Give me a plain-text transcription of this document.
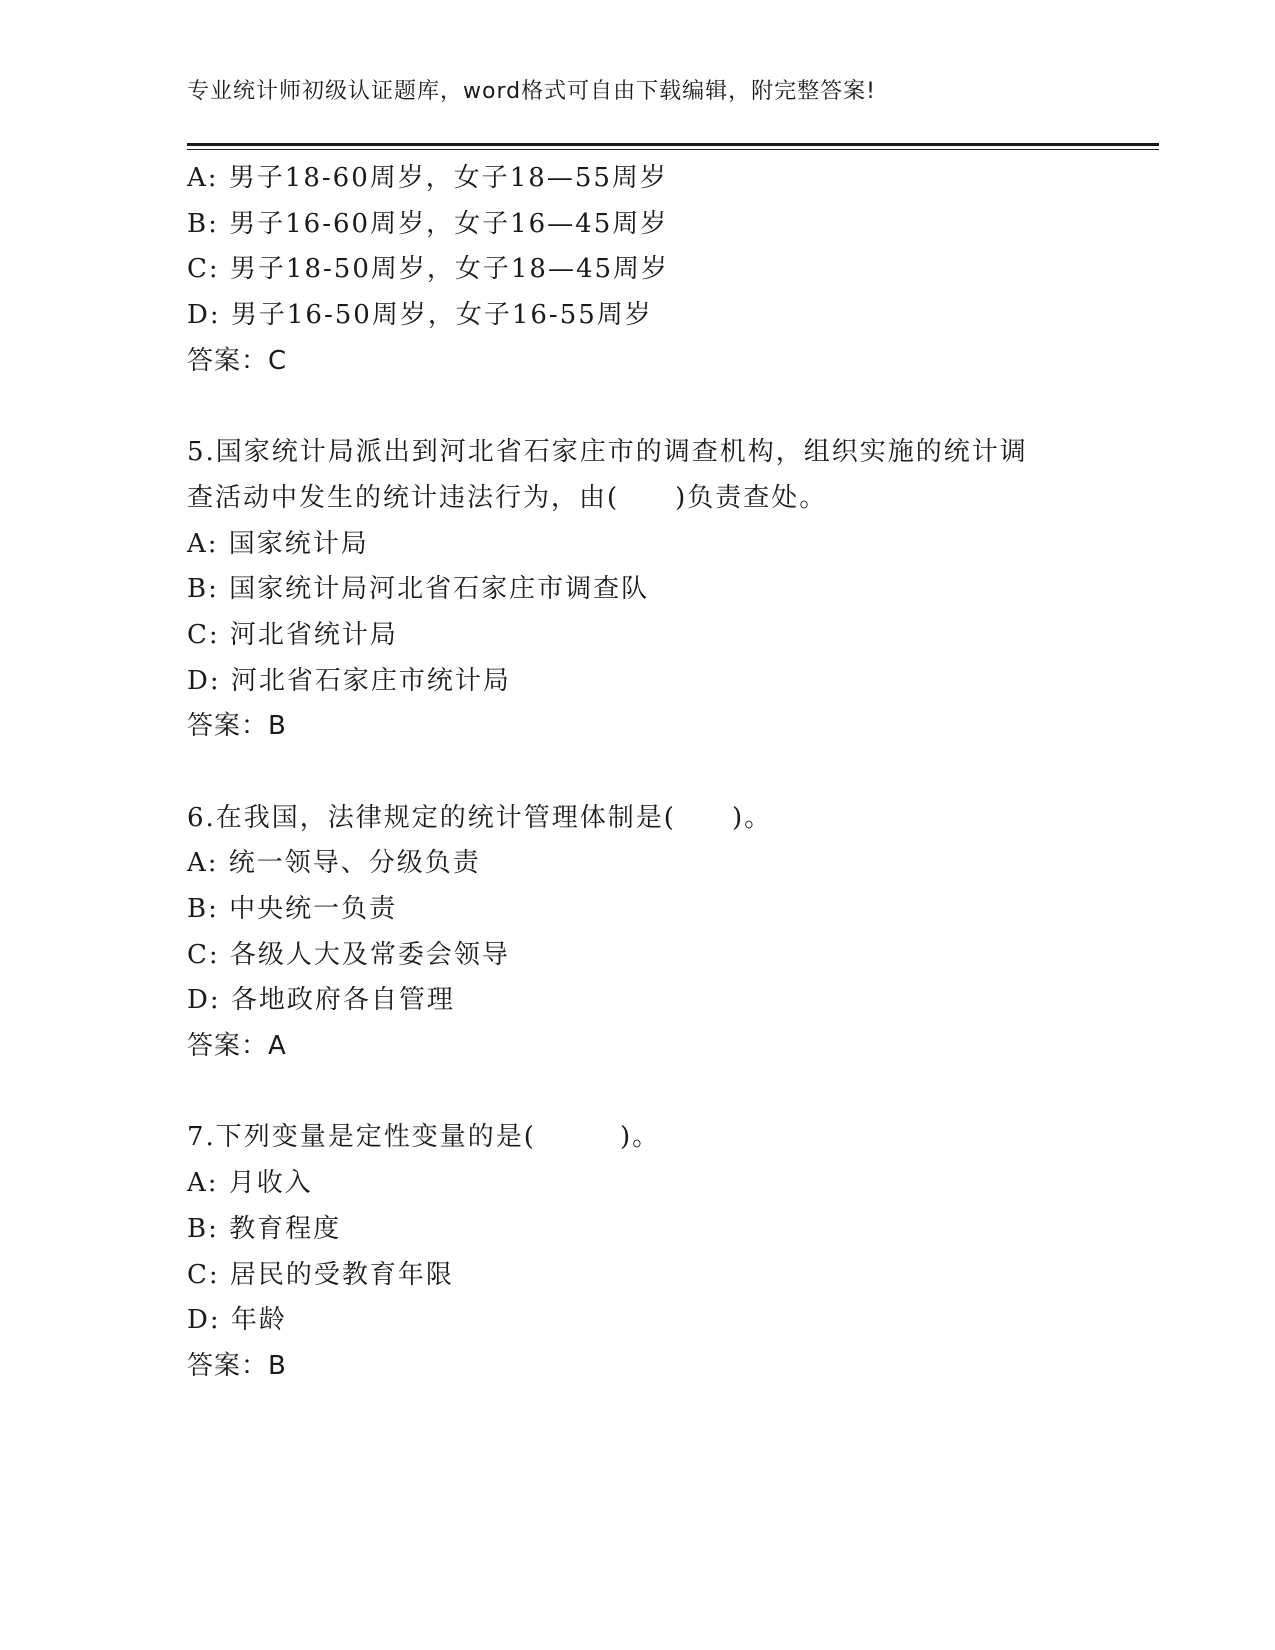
专业统计师初级认证题库，word格式可自由下载编辑，附完整答案!
A: 男子18-60周岁，女子18—55周岁
B: 男子16-60周岁，女子16—45周岁
C: 男子18-50周岁，女子18—45周岁
D: 男子16-50周岁，女子16-55周岁
答案：C
5.国家统计局派出到河北省石家庄市的调查机构，组织实施的统计调
查活动中发生的统计违法行为，由(　　)负责查处。
A: 国家统计局
B: 国家统计局河北省石家庄市调查队
C: 河北省统计局
D: 河北省石家庄市统计局
答案：B
6.在我国，法律规定的统计管理体制是(　　)。
A: 统一领导、分级负责
B: 中央统一负责
C: 各级人大及常委会领导
D: 各地政府各自管理
答案：A
7.下列变量是定性变量的是(　　　)。
A: 月收入
B: 教育程度
C: 居民的受教育年限
D: 年龄
答案：B
